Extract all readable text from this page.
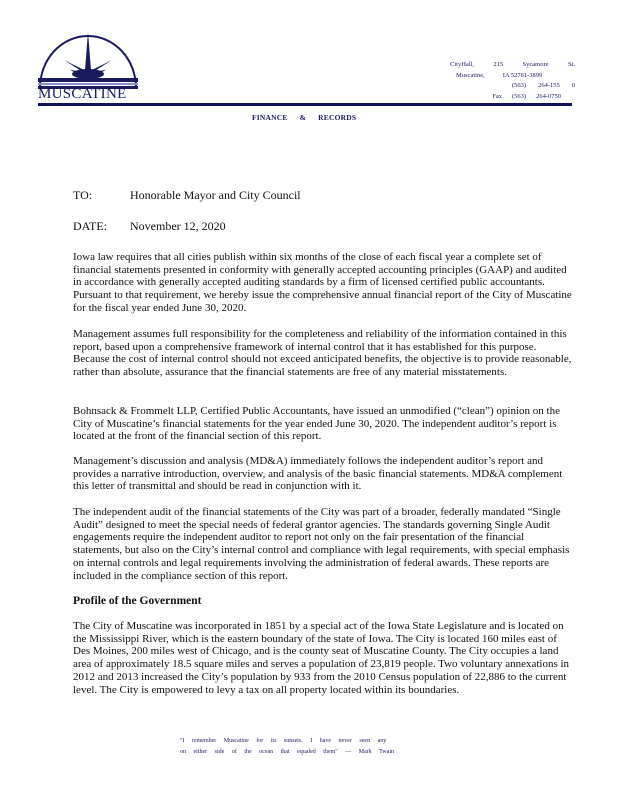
MUSCATINE
CityHall,	215	Sycamore	St.
Muscatine,	IA 52761-3899
(563) 264-155 0
Fax (563) 264-0750
FINANCE & RECORDS
TO:	Honorable Mayor and City Council
DATE: November 12, 2020

Iowa law requires that all cities publish within six months of the close of each fiscal year a complete set of financial statements presented in conformity with generally accepted accounting principles (GAAP) and audited in accordance with generally accepted auditing standards by a firm of licensed certified public accountants. Pursuant to that requirement, we hereby issue the comprehensive annual financial report of the City of Muscatine for the fiscal year ended June 30, 2020.

Management assumes full responsibility for the completeness and reliability of the information contained in this report, based upon a comprehensive framework of internal control that it has established for this purpose. Because the cost of internal control should not exceed anticipated benefits, the objective is to provide reasonable, rather than absolute, assurance that the financial statements are free of any material misstatements.

Bohnsack & Frommelt LLP, Certified Public Accountants, have issued an unmodified (“clean”) opinion on the City of Muscatine’s financial statements for the year ended June 30, 2020. The independent auditor’s report is located at the front of the financial section of this report.

Management’s discussion and analysis (MD&A) immediately follows the independent auditor’s report and provides a narrative introduction, overview, and analysis of the basic financial statements. MD&A complement this letter of transmittal and should be read in conjunction with it.

The independent audit of the financial statements of the City was part of a broader, federally mandated “Single Audit” designed to meet the special needs of federal grantor agencies. The standards governing Single Audit engagements require the independent auditor to report not only on the fair presentation of the financial statements, but also on the City’s internal control and compliance with legal requirements, with special emphasis on internal controls and legal requirements involving the administration of federal awards. These reports are included in the compliance section of this report.

Profile of the Government

The City of Muscatine was incorporated in 1851 by a special act of the Iowa State Legislature and is located on the Mississippi River, which is the eastern boundary of the state of Iowa. The City is located 160 miles east of Des Moines, 200 miles west of Chicago, and is the county seat of Muscatine County. The City occupies a land area of approximately 18.5 square miles and serves a population of 23,819 people. Two voluntary annexations in 2012 and 2013 increased the City’s population by 933 from the 2010 Census population of 22,886 to the current level. The City is empowered to levy a tax on all property located within its boundaries.

"I remember Muscatine for its sunsets. I have never seen any
on either side of the ocean that equaled them" — Mark Twain
